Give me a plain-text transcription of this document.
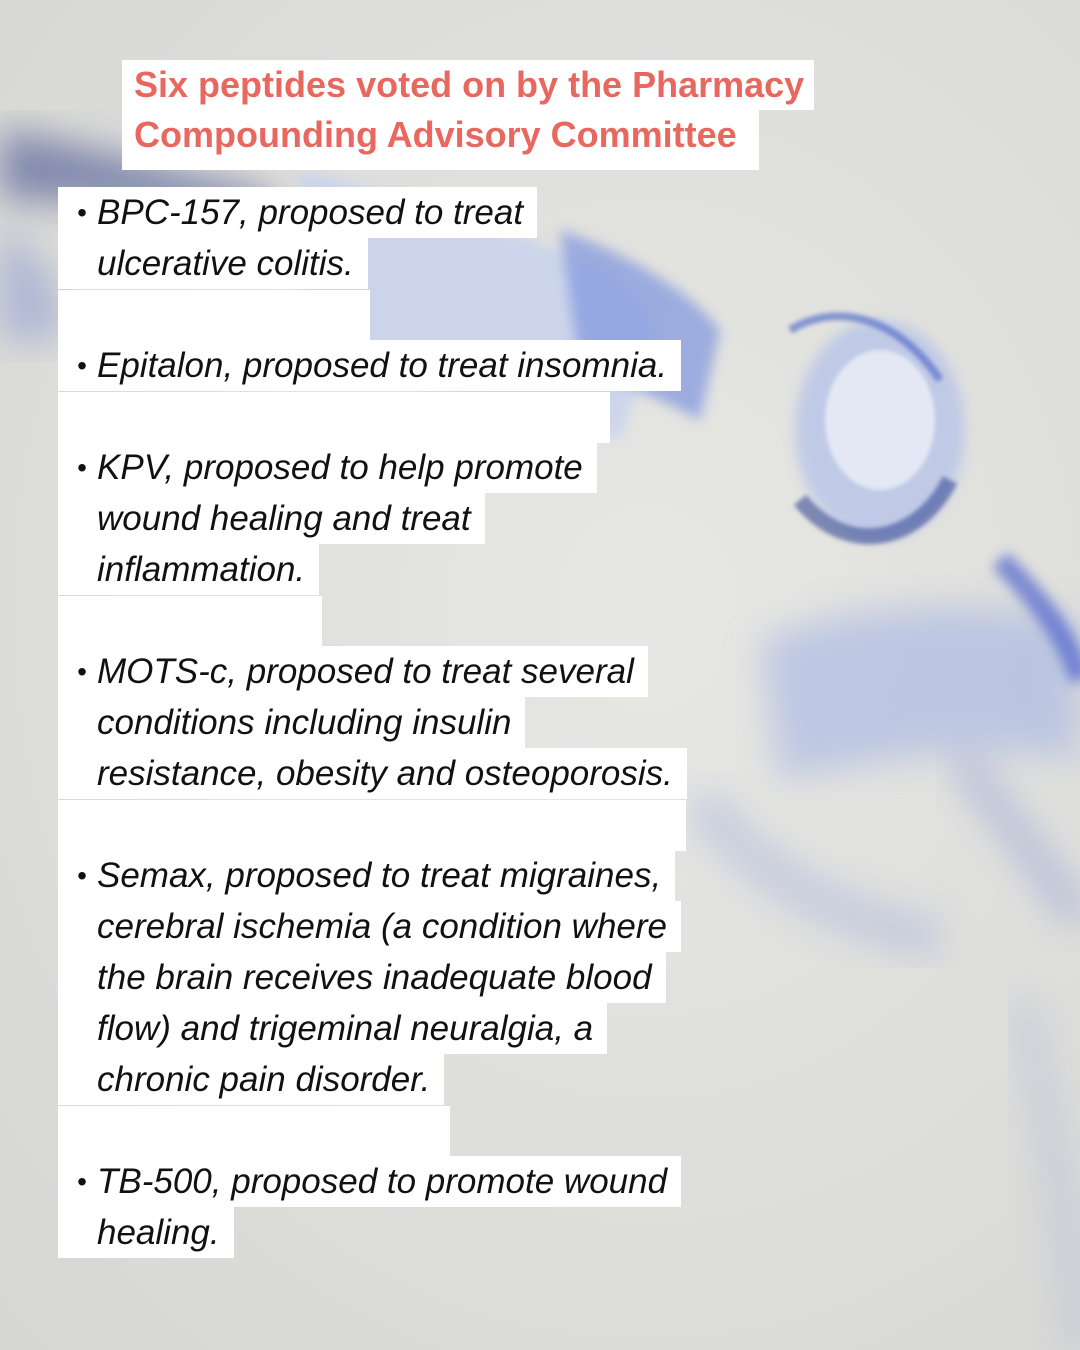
Six peptides voted on by the Pharmacy
Compounding Advisory Committee
• BPC-157, proposed to treat
ulcerative colitis.
• Epitalon, proposed to treat insomnia.
• KPV, proposed to help promote
wound healing and treat
inflammation.
• MOTS-c, proposed to treat several
conditions including insulin
resistance, obesity and osteoporosis.
• Semax, proposed to treat migraines,
cerebral ischemia (a condition where
the brain receives inadequate blood
flow) and trigeminal neuralgia, a
chronic pain disorder.
• TB-500, proposed to promote wound
healing.
